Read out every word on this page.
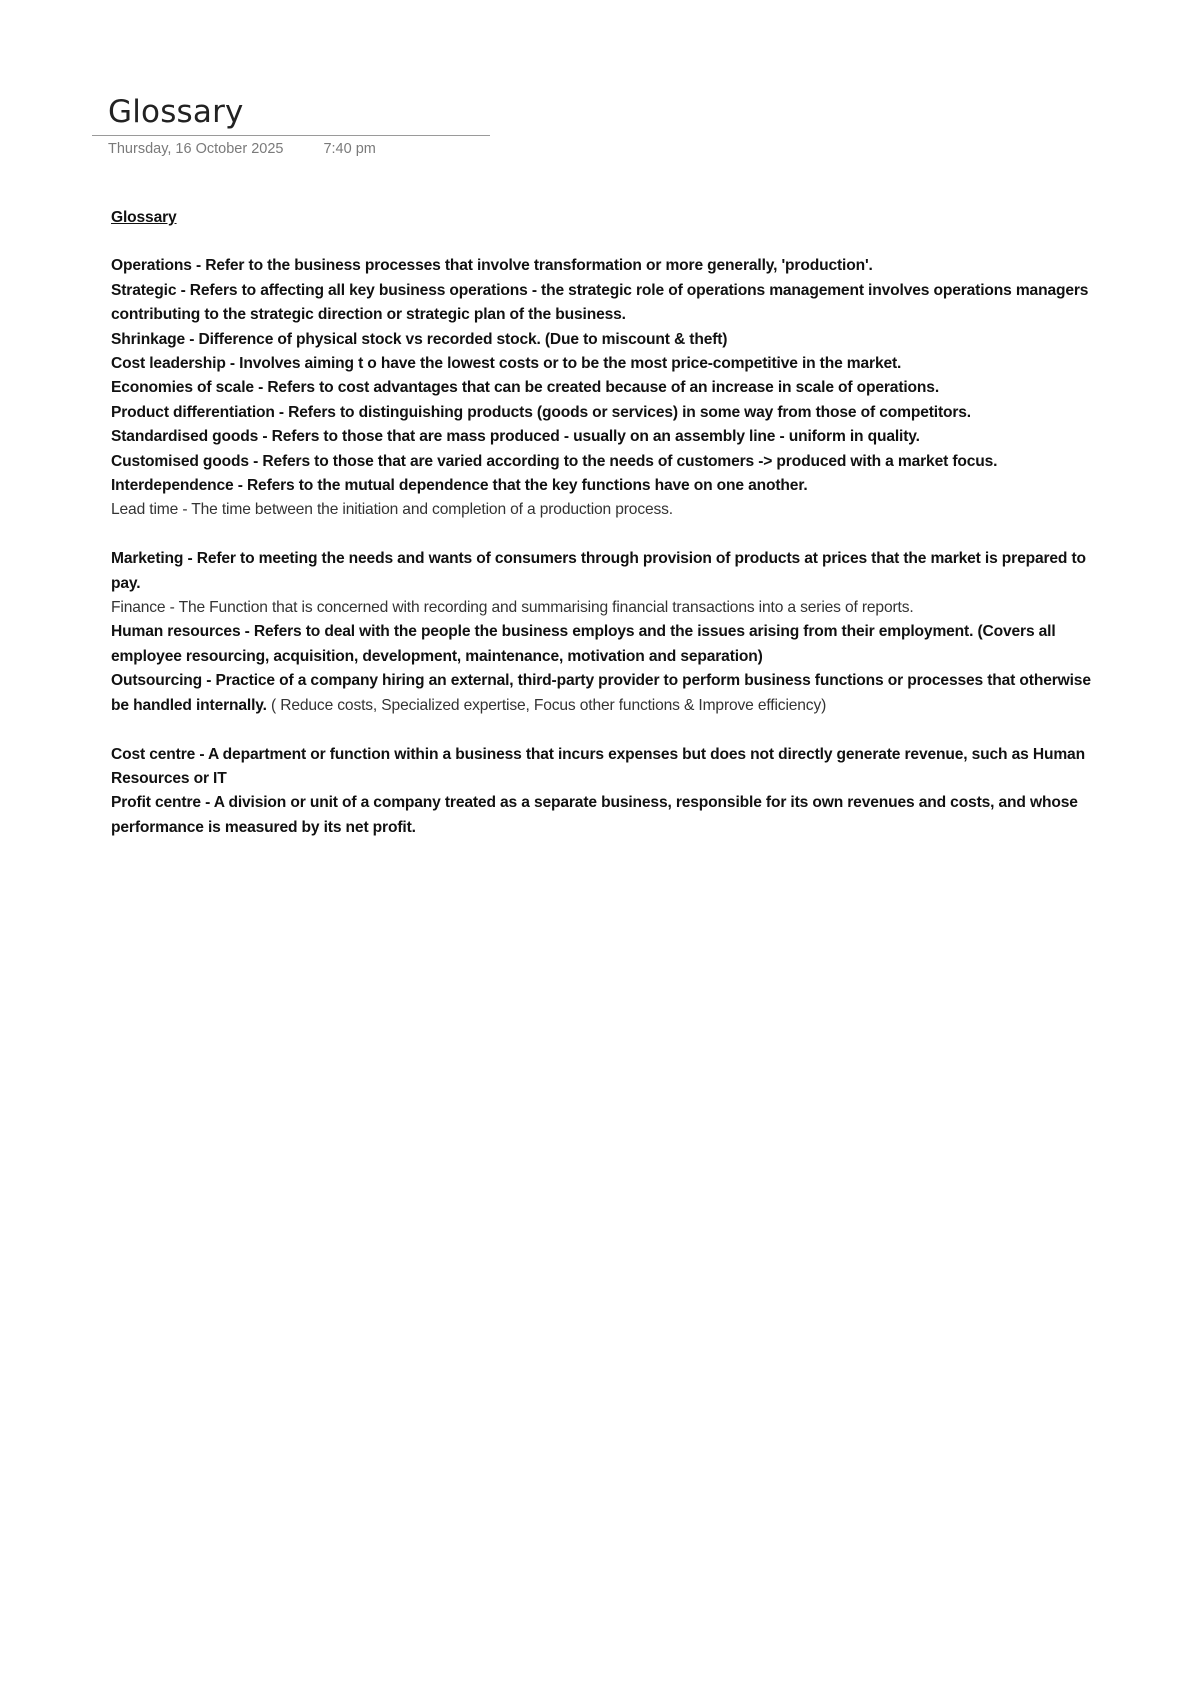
Glossary
Thursday, 16 October 2025	7:40 pm

Glossary

Operations - Refer to the business processes that involve transformation or more generally, 'production'.

Strategic - Refers to affecting all key business operations - the strategic role of operations management involves operations managers contributing to the strategic direction or strategic plan of the business.

Shrinkage - Difference of physical stock vs recorded stock. (Due to miscount & theft)

Cost leadership - Involves aiming t o have the lowest costs or to be the most price-competitive in the market.

Economies of scale - Refers to cost advantages that can be created because of an increase in scale of operations.

Product differentiation - Refers to distinguishing products (goods or services) in some way from those of competitors.

Standardised goods - Refers to those that are mass produced - usually on an assembly line - uniform in quality.

Customised goods - Refers to those that are varied according to the needs of customers -> produced with a market focus.

Interdependence - Refers to the mutual dependence that the key functions have on one another.

Lead time - The time between the initiation and completion of a production process.

Marketing - Refer to meeting the needs and wants of consumers through provision of products at prices that the market is prepared to pay.

Finance - The Function that is concerned with recording and summarising financial transactions into a series of reports.

Human resources - Refers to deal with the people the business employs and the issues arising from their employment. (Covers all employee resourcing, acquisition, development, maintenance, motivation and separation)

Outsourcing - Practice of a company hiring an external, third-party provider to perform business functions or processes that otherwise be handled internally. ( Reduce costs, Specialized expertise, Focus other functions & Improve efficiency)

Cost centre - A department or function within a business that incurs expenses but does not directly generate revenue, such as Human Resources or IT

Profit centre - A division or unit of a company treated as a separate business, responsible for its own revenues and costs, and whose performance is measured by its net profit.
